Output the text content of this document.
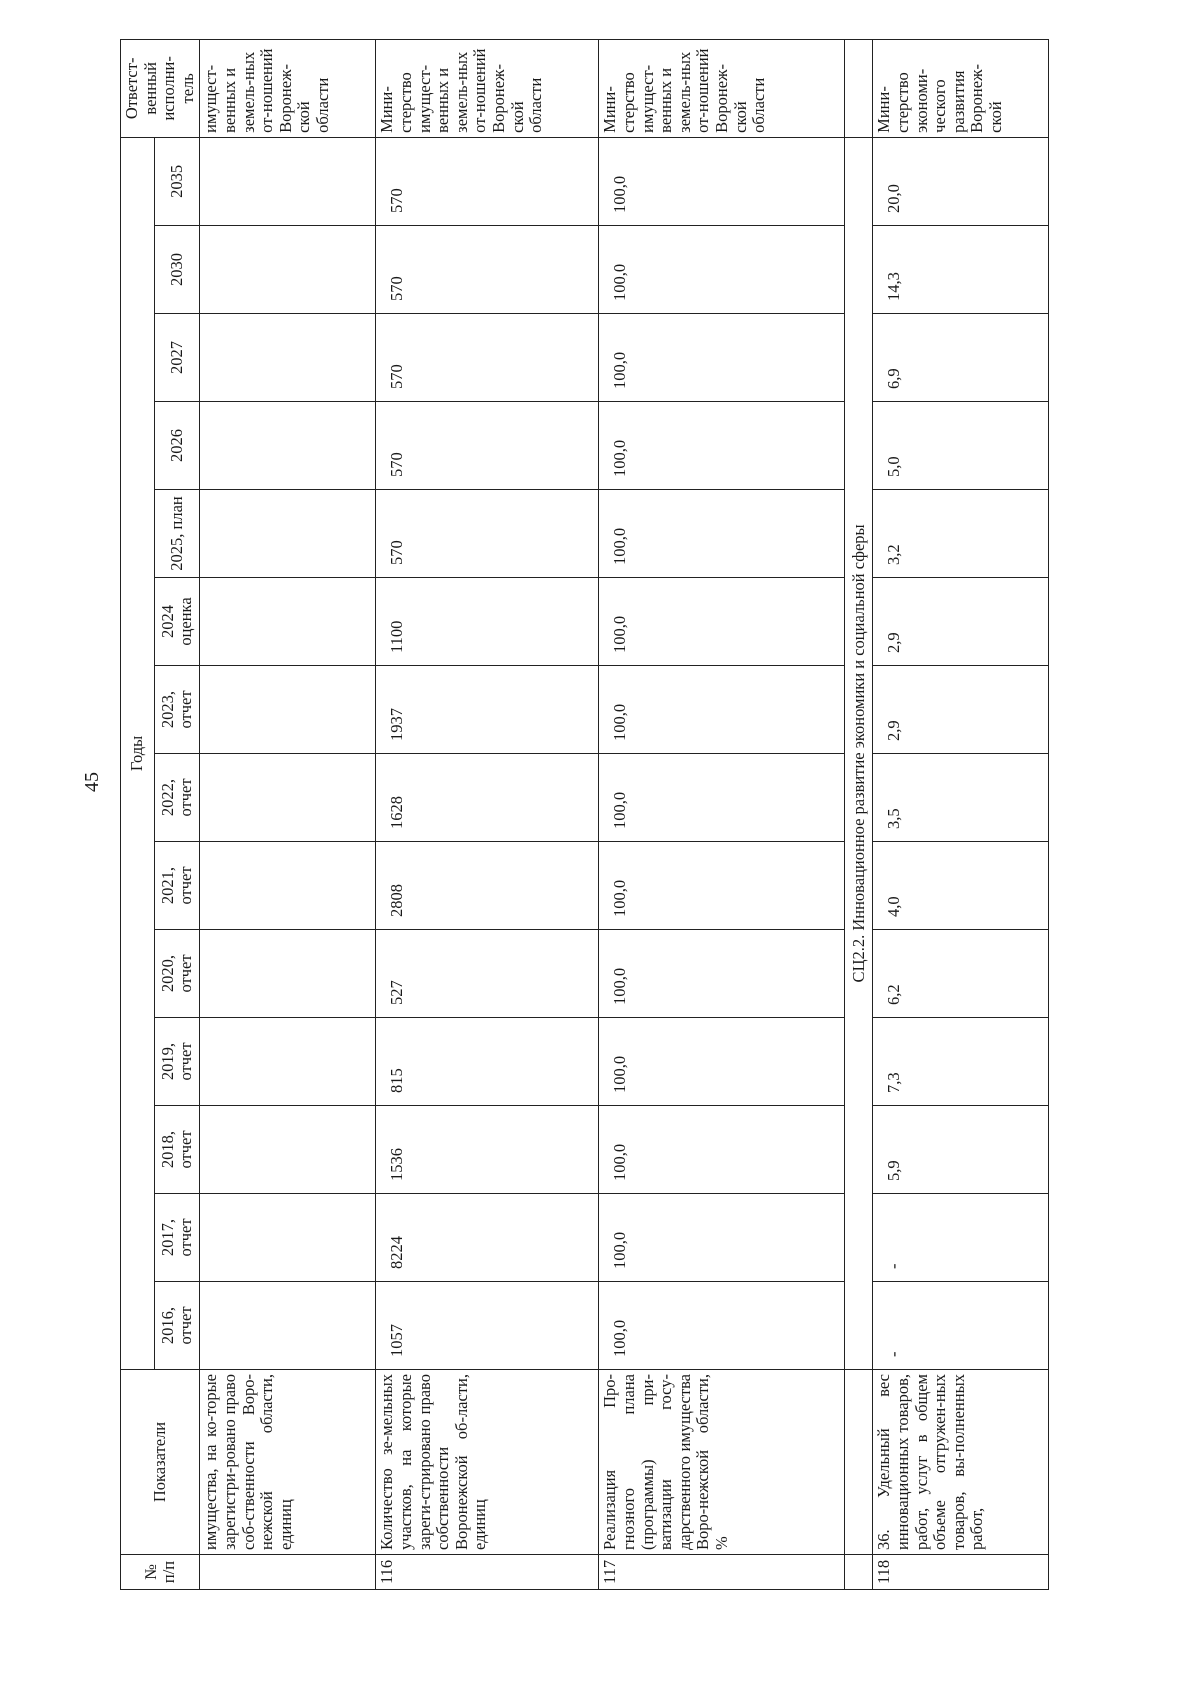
45
№ п/п	Показатели	Годы														Ответст-венный исполни-тель
		2016, отчет	2017, отчет	2018, отчет	2019, отчет	2020, отчет	2021, отчет	2022, отчет	2023, отчет	2024 оценка	2025, план	2026	2027	2030	2035	
	имущества, на ко-торые зарегистри-ровано право соб-ственности Воро-нежской области, единиц															имущест-венных и земель-ных от-ношений Воронеж-ской области
116	Количество зе-мельных участков, на которые зареги-стрировано право собственности Воронежской об-ласти, единиц	1057	8224	1536	815	527	2808	1628	1937	1100	570	570	570	570	570	Мини-стерство имущест-венных и земель-ных от-ношений Воронеж-ской области
117	Реализация Про-гнозного плана (программы) при-ватизации госу-дарственного имущества Воро-нежской области, %	100,0	100,0	100,0	100,0	100,0	100,0	100,0	100,0	100,0	100,0	100,0	100,0	100,0	100,0	Мини-стерство имущест-венных и земель-ных от-ношений Воронеж-ской области
		СЦ2.2. Инновационное развитие экономики и социальной сферы														
118	36. Удельный вес инновационных товаров, работ, услуг в общем объеме отгружен-ных товаров, вы-полненных работ,	-	-	5,9	7,3	6,2	4,0	3,5	2,9	2,9	3,2	5,0	6,9	14,3	20,0	Мини-стерство экономи-ческого развития Воронеж-ской
